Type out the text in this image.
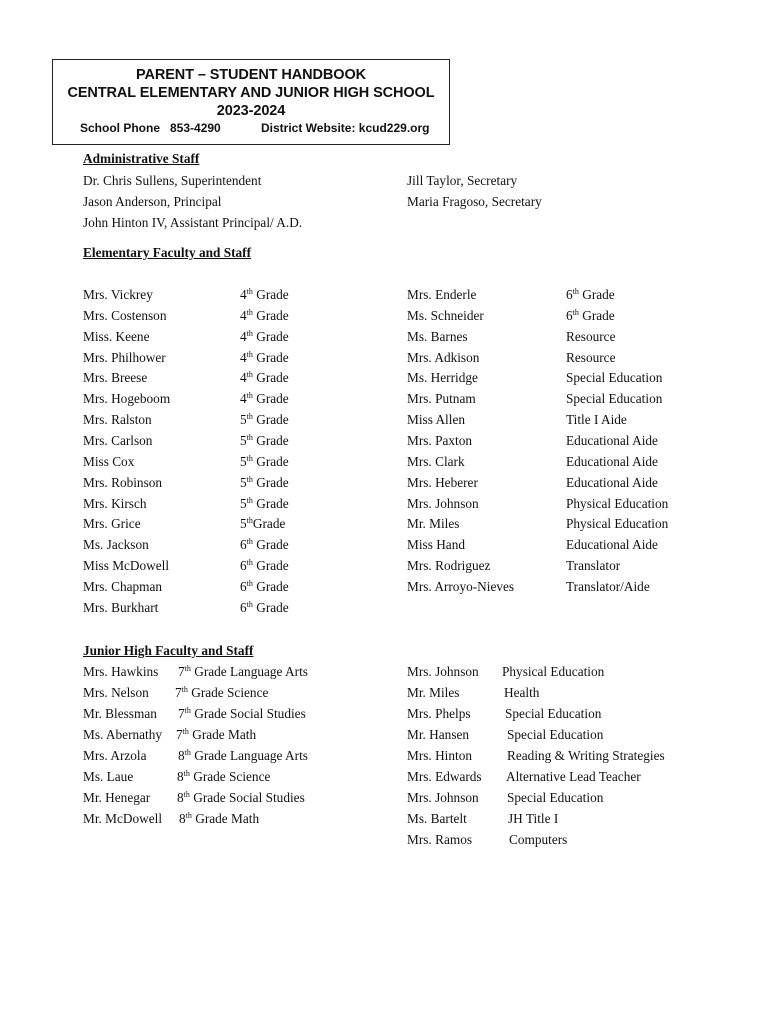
PARENT – STUDENT HANDBOOK
CENTRAL ELEMENTARY AND JUNIOR HIGH SCHOOL
2023-2024
School Phone   853-4290	District Website: kcud229.org
Administrative Staff
Dr. Chris Sullens, Superintendent
Jason Anderson, Principal
John Hinton IV, Assistant Principal/ A.D.
Jill Taylor, Secretary
Maria Fragoso, Secretary
Elementary Faculty and Staff
Mrs. Vickrey	4th Grade
Mrs. Costenson	4th Grade
Miss. Keene	4th Grade
Mrs. Philhower	4th Grade
Mrs. Breese	4th Grade
Mrs. Hogeboom	4th Grade
Mrs. Ralston	5th Grade
Mrs. Carlson	5th Grade
Miss Cox	5th Grade
Mrs. Robinson	5th Grade
Mrs. Kirsch	5th Grade
Mrs. Grice	5thGrade
Ms. Jackson	6th Grade
Miss McDowell	6th Grade
Mrs. Chapman	6th Grade
Mrs. Burkhart	6th Grade
Mrs. Enderle	6th Grade
Ms. Schneider	6th Grade
Ms. Barnes	Resource
Mrs. Adkison	Resource
Ms. Herridge	Special Education
Mrs. Putnam	Special Education
Miss Allen	Title I Aide
Mrs. Paxton	Educational Aide
Mrs. Clark	Educational Aide
Mrs. Heberer	Educational Aide
Mrs. Johnson	Physical Education
Mr. Miles	Physical Education
Miss Hand	Educational Aide
Mrs. Rodriguez	Translator
Mrs. Arroyo-Nieves	Translator/Aide
Junior High Faculty and Staff
Mrs. Hawkins 7th Grade Language Arts
Mrs. Nelson 7th Grade Science
Mr. Blessman 7th Grade Social Studies
Ms. Abernathy 7th Grade Math
Mrs. Arzola 8th Grade Language Arts
Ms. Laue	8th Grade Science
Mr. Henegar 8th Grade Social Studies
Mr. McDowell 8th Grade Math
Mrs. Johnson Physical Education
Mr. Miles	Health
Mrs. Phelps	Special Education
Mr. Hansen	Special Education
Mrs. Hinton	Reading & Writing Strategies
Mrs. Edwards Alternative Lead Teacher
Mrs. Johnson Special Education
Ms. Bartelt	JH Title I
Mrs. Ramos	Computers
